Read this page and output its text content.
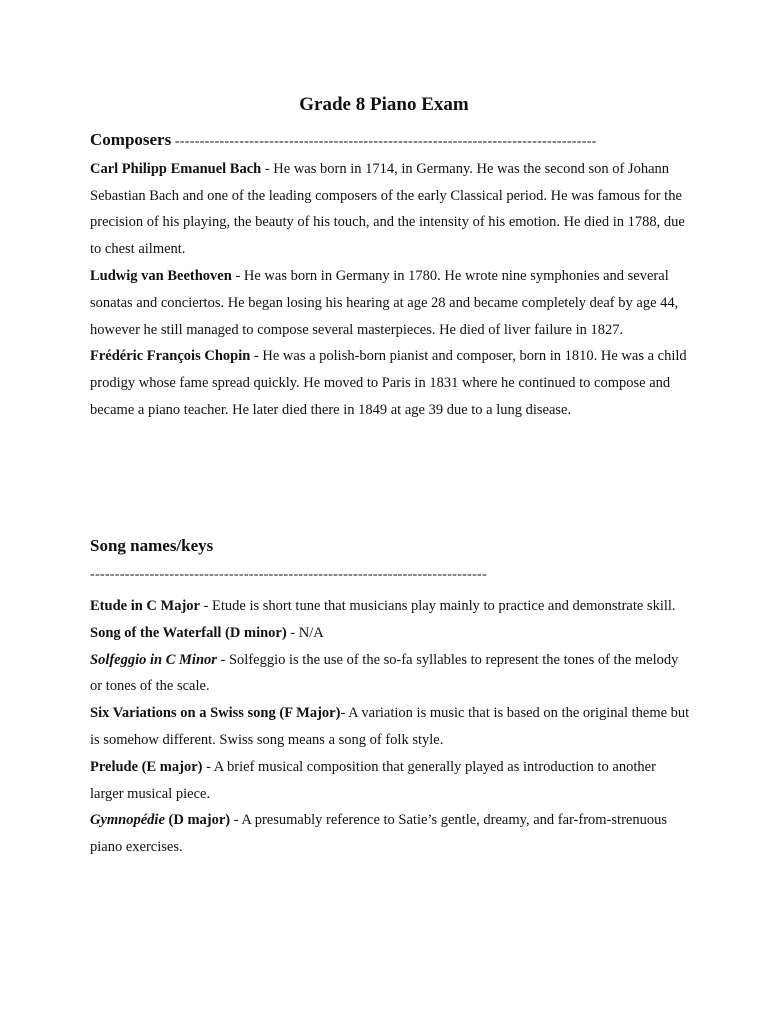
Grade 8 Piano Exam

Composers -------------------------------------------------------------------------------------

Carl Philipp Emanuel Bach - He was born in 1714, in Germany. He was the second son of Johann Sebastian Bach and one of the leading composers of the early Classical period. He was famous for the precision of his playing, the beauty of his touch, and the intensity of his emotion. He died in 1788, due to chest ailment.

Ludwig van Beethoven - He was born in Germany in 1780. He wrote nine symphonies and several sonatas and conciertos. He began losing his hearing at age 28 and became completely deaf by age 44, however he still managed to compose several masterpieces. He died of liver failure in 1827.

Frédéric François Chopin - He was a polish-born pianist and composer, born in 1810. He was a child prodigy whose fame spread quickly. He moved to Paris in 1831 where he continued to compose and became a piano teacher. He later died there in 1849 at age 39 due to a lung disease.

Song names/keys

--------------------------------------------------------------------------------

Etude in C Major - Etude is short tune that musicians play mainly to practice and demonstrate skill.

Song of the Waterfall (D minor) - N/A

Solfeggio in C Minor - Solfeggio is the use of the so-fa syllables to represent the tones of the melody or tones of the scale.

Six Variations on a Swiss song (F Major)- A variation is music that is based on the original theme but is somehow different. Swiss song means a song of folk style.

Prelude (E major) - A brief musical composition that generally played as introduction to another larger musical piece.

Gymnopédie (D major) - A presumably reference to Satie’s gentle, dreamy, and far-from-strenuous piano exercises.
